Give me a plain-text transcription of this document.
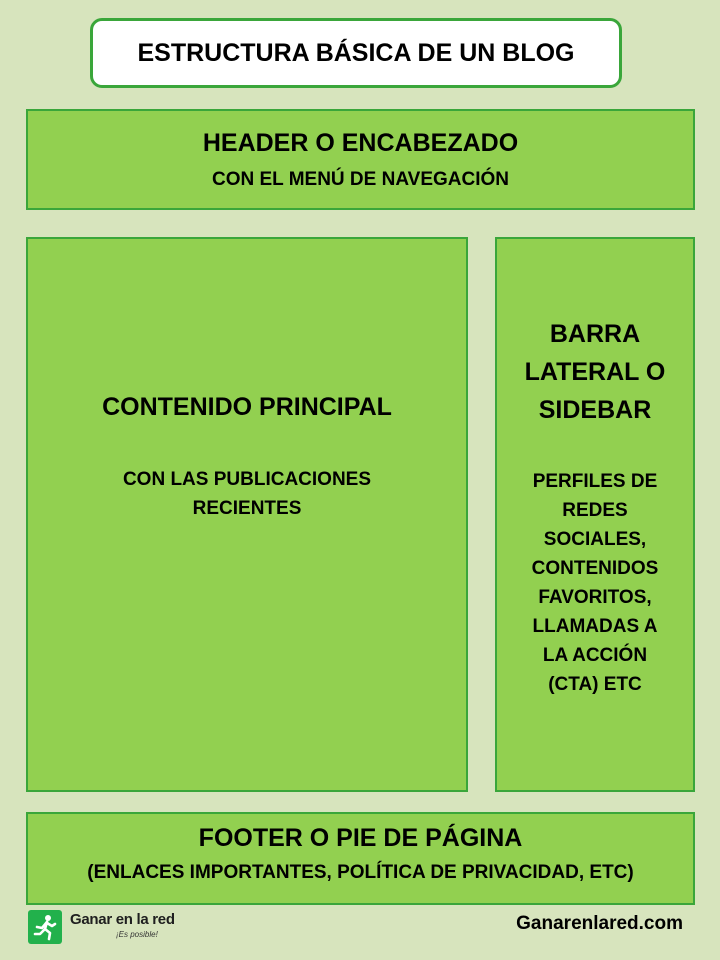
ESTRUCTURA BÁSICA DE UN BLOG
HEADER O ENCABEZADO
CON EL MENÚ DE NAVEGACIÓN
CONTENIDO PRINCIPAL
CON LAS PUBLICACIONES
RECIENTES
BARRA
LATERAL O
SIDEBAR
PERFILES DE
REDES
SOCIALES,
CONTENIDOS
FAVORITOS,
LLAMADAS A
LA ACCIÓN
(CTA) ETC
FOOTER O PIE DE PÁGINA
(ENLACES IMPORTANTES, POLÍTICA DE PRIVACIDAD, ETC)
Ganar en la red
¡Es posible!
Ganarenlared.com
